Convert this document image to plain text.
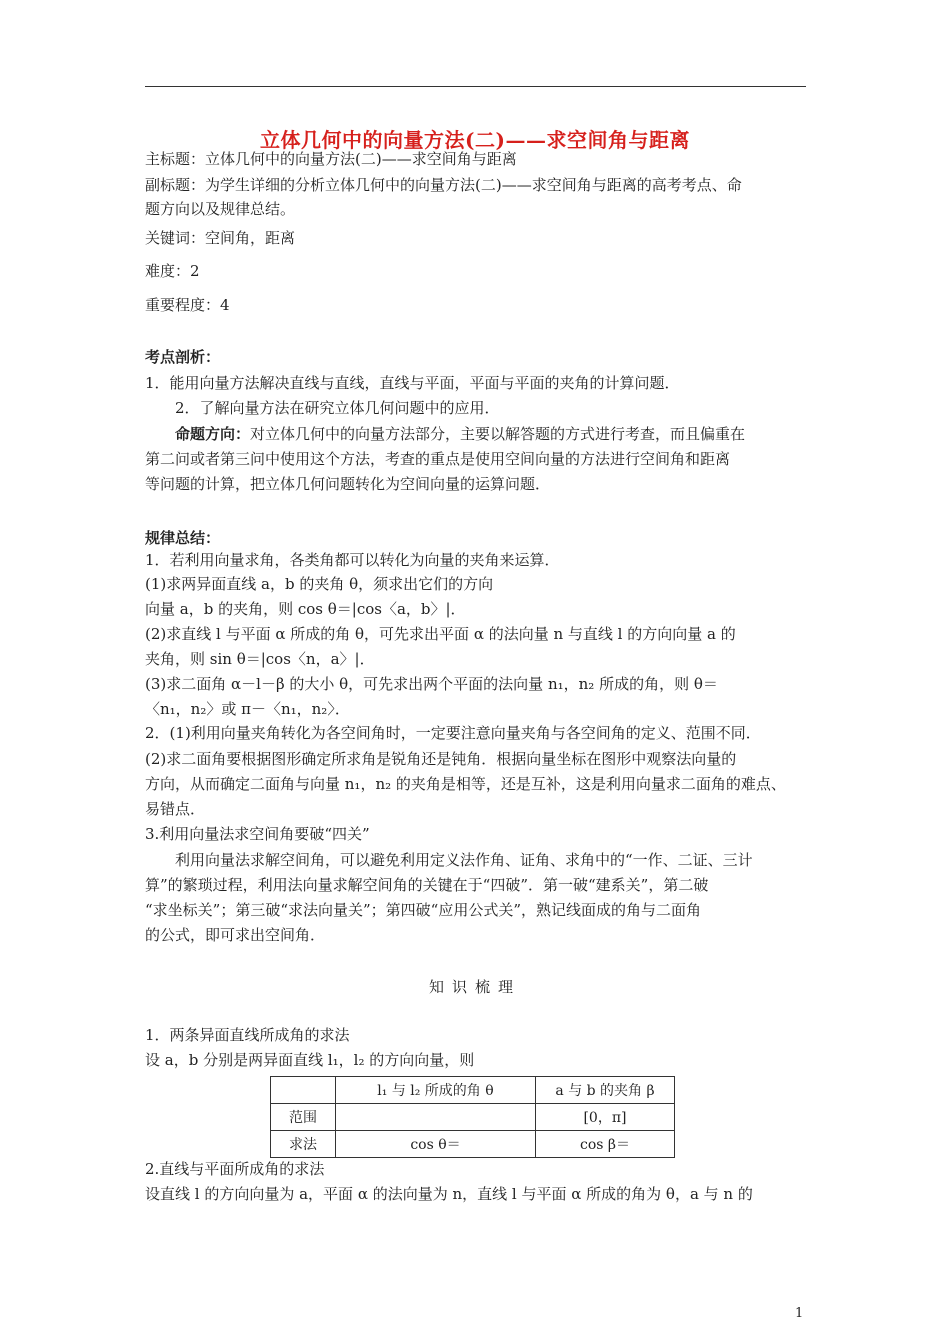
立体几何中的向量方法(二)——求空间角与距离
主标题：立体几何中的向量方法(二)——求空间角与距离
副标题：为学生详细的分析立体几何中的向量方法(二)——求空间角与距离的高考考点、命
题方向以及规律总结。
关键词：空间角，距离
难度：2
重要程度：4
考点剖析：
1．能用向量方法解决直线与直线，直线与平面，平面与平面的夹角的计算问题．
2．了解向量方法在研究立体几何问题中的应用．
命题方向：对立体几何中的向量方法部分，主要以解答题的方式进行考查，而且偏重在
第二问或者第三问中使用这个方法，考查的重点是使用空间向量的方法进行空间角和距离
等问题的计算，把立体几何问题转化为空间向量的运算问题．
规律总结：
1．若利用向量求角，各类角都可以转化为向量的夹角来运算．
(1)求两异面直线 a，b 的夹角 θ，须求出它们的方向
向量 a，b 的夹角，则 cos θ＝|cos〈a，b〉|．
(2)求直线 l 与平面 α 所成的角 θ，可先求出平面 α 的法向量 n 与直线 l 的方向向量 a 的
夹角，则 sin θ＝|cos〈n，a〉|．
(3)求二面角 α－l－β 的大小 θ，可先求出两个平面的法向量 n₁，n₂ 所成的角，则 θ＝
〈n₁，n₂〉或 π－〈n₁，n₂〉．
2．(1)利用向量夹角转化为各空间角时，一定要注意向量夹角与各空间角的定义、范围不同．
(2)求二面角要根据图形确定所求角是锐角还是钝角．根据向量坐标在图形中观察法向量的
方向，从而确定二面角与向量 n₁，n₂ 的夹角是相等，还是互补，这是利用向量求二面角的难点、
易错点．
3.利用向量法求空间角要破“四关”
利用向量法求解空间角，可以避免利用定义法作角、证角、求角中的“一作、二证、三计
算”的繁琐过程，利用法向量求解空间角的关键在于“四破”．第一破“建系关”，第二破
“求坐标关”；第三破“求法向量关”；第四破“应用公式关”，熟记线面成的角与二面角
的公式，即可求出空间角．
知识梳理
1．两条异面直线所成角的求法
设 a，b 分别是两异面直线 l₁，l₂ 的方向向量，则
	l₁ 与 l₂ 所成的角 θ	a 与 b 的夹角 β
范围		[0，π]
求法	cos θ＝	cos β＝
2.直线与平面所成角的求法
设直线 l 的方向向量为 a，平面 α 的法向量为 n，直线 l 与平面 α 所成的角为 θ，a 与 n 的
1
